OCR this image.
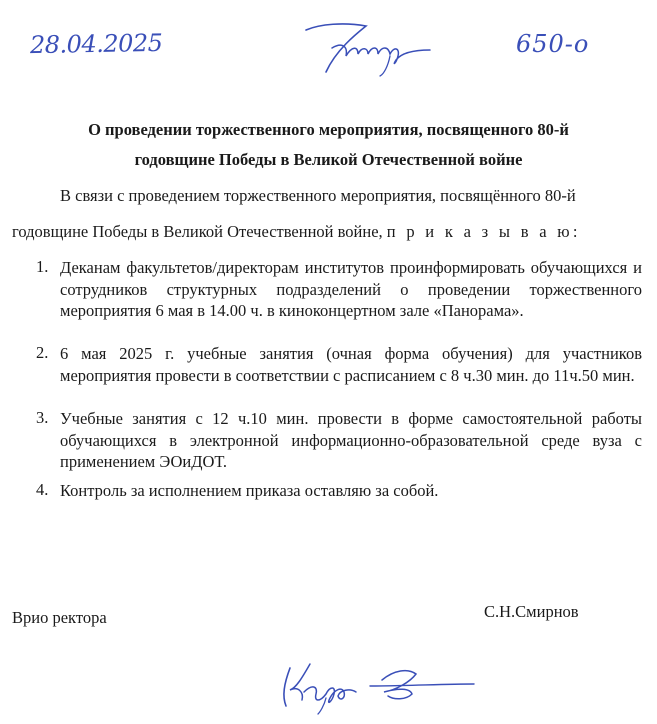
28.04.2025	650-о
О проведении торжественного мероприятия, посвященного 80-й
годовщине Победы в Великой Отечественной войне
В связи с проведением торжественного мероприятия, посвящённого 80-й
годовщине Победы в Великой Отечественной войне, п р и к а з ы в а ю:
1. Деканам факультетов/директорам институтов проинформировать обучающихся и сотрудников структурных подразделений о проведении торжественного мероприятия 6 мая в 14.00 ч. в киноконцертном зале «Панорама».
2. 6 мая 2025 г. учебные занятия (очная форма обучения) для участников мероприятия провести в соответствии с расписанием с 8 ч.30 мин. до 11ч.50 мин.
3. Учебные занятия с 12 ч.10 мин. провести в форме самостоятельной работы обучающихся в электронной информационно-образовательной среде вуза с применением ЭОиДОТ.
4. Контроль за исполнением приказа оставляю за собой.
Врио ректора	С.Н.Смирнов
